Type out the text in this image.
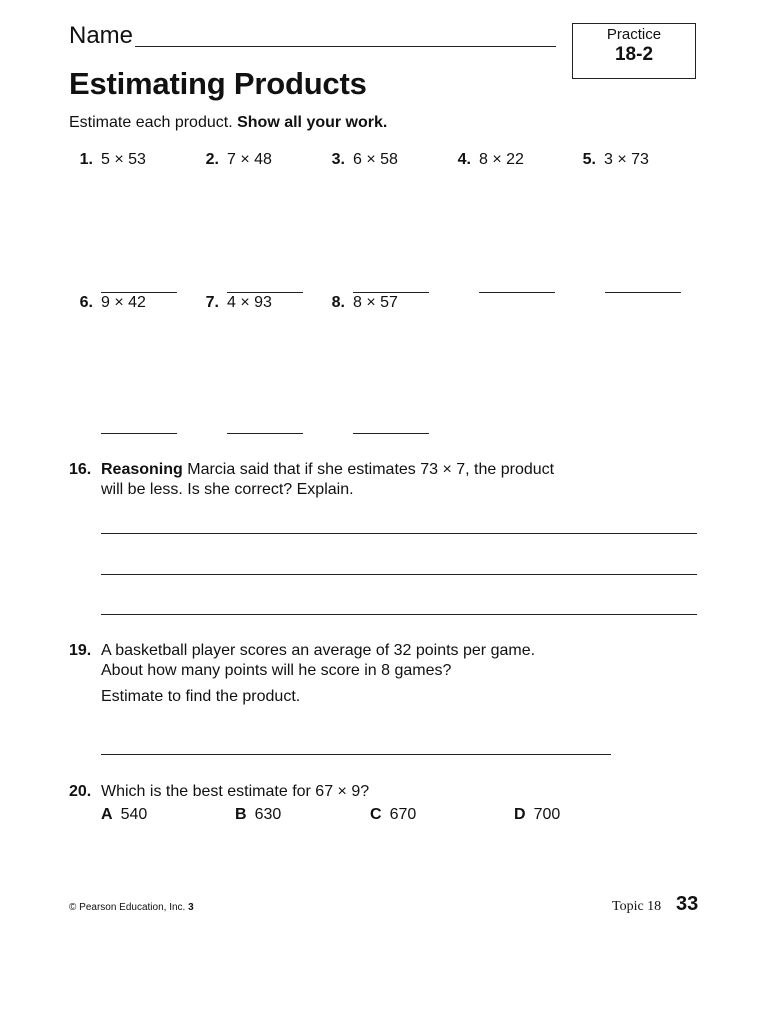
Name	Practice
18-2
Estimating Products
Estimate each product. Show all your work.
1. 5 × 53	2. 7 × 48	3. 6 × 58	4. 8 × 22	5. 3 × 73
6. 9 × 42	7. 4 × 93	8. 8 × 57
16. Reasoning Marcia said that if she estimates 73 × 7, the product
will be less. Is she correct? Explain.
19. A basketball player scores an average of 32 points per game.
About how many points will he score in 8 games?
Estimate to find the product.
20. Which is the best estimate for 67 × 9?
A 540	B 630	C 670	D 700
© Pearson Education, Inc. 3	Topic 18 33
